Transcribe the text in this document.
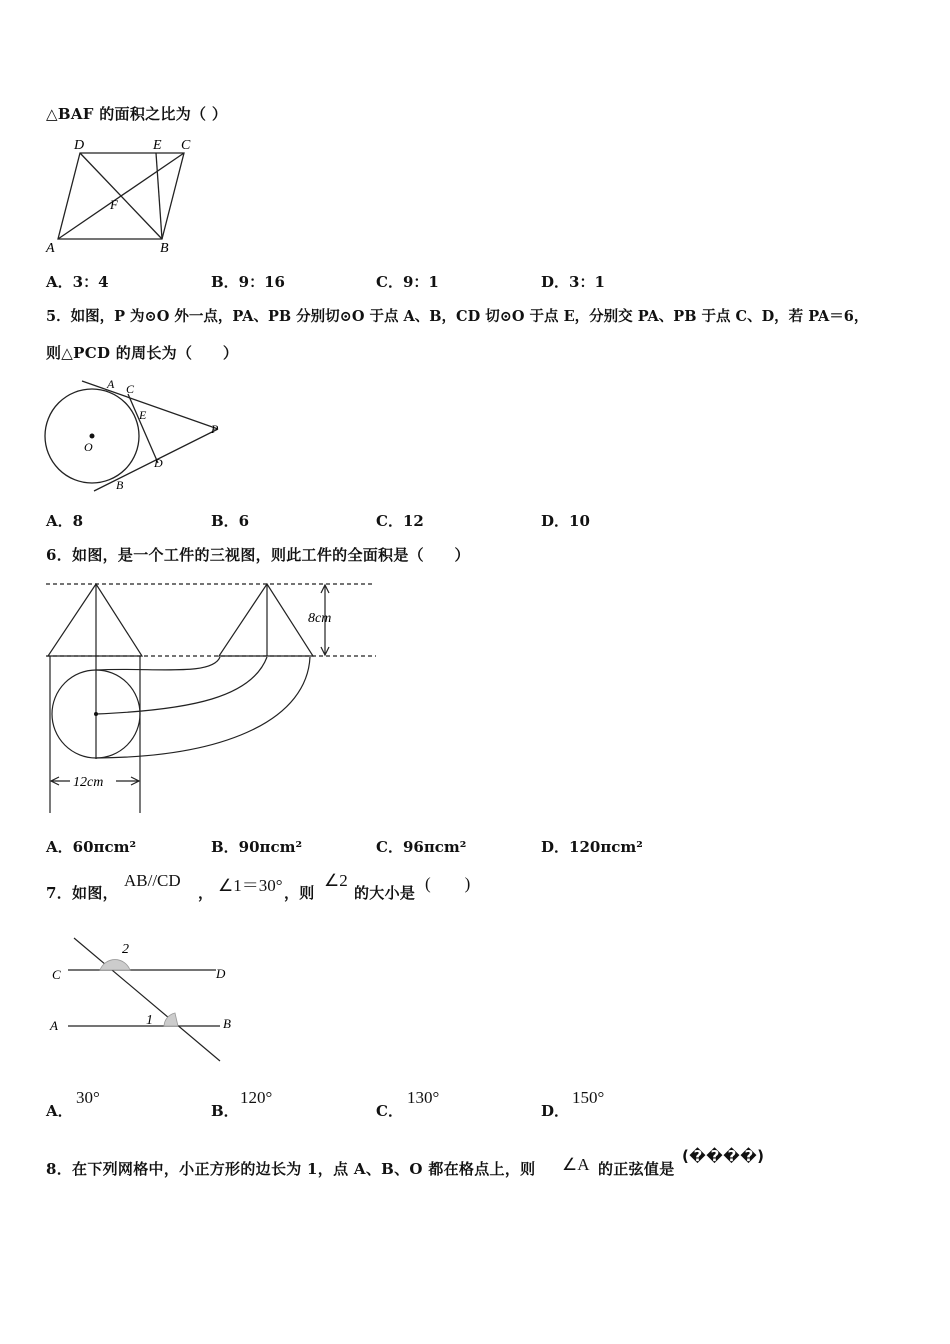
△BAF 的面积之比为（ ）
D	E C
F
A	B
A．3：4	B．9：16	C．9：1	D．3：1
5．如图，P 为⊙O 外一点，PA、PB 分别切⊙O 于点 A、B，CD 切⊙O 于点 E，分别交 PA、PB 于点 C、D，若 PA＝6，
则△PCD 的周长为（　　）
A C
E
P
O
D
B
A．8	B．6	C．12	D．10
6．如图，是一个工件的三视图，则此工件的全面积是（　　）
8cm
12cm
A．60πcm²	B．90πcm²	C．96πcm²	D．120πcm²
7．如图，
AB//CD
， ∠1＝30° ，则
∠2
的大小是 (　　)
2
1
C	D
A	B
A．
30°
B．
120°
C．
130°
D．
150°
8．在下列网格中，小正方形的边长为 1，点 A、B、O 都在格点上，则 ∠A 的正弦值是
(����)
